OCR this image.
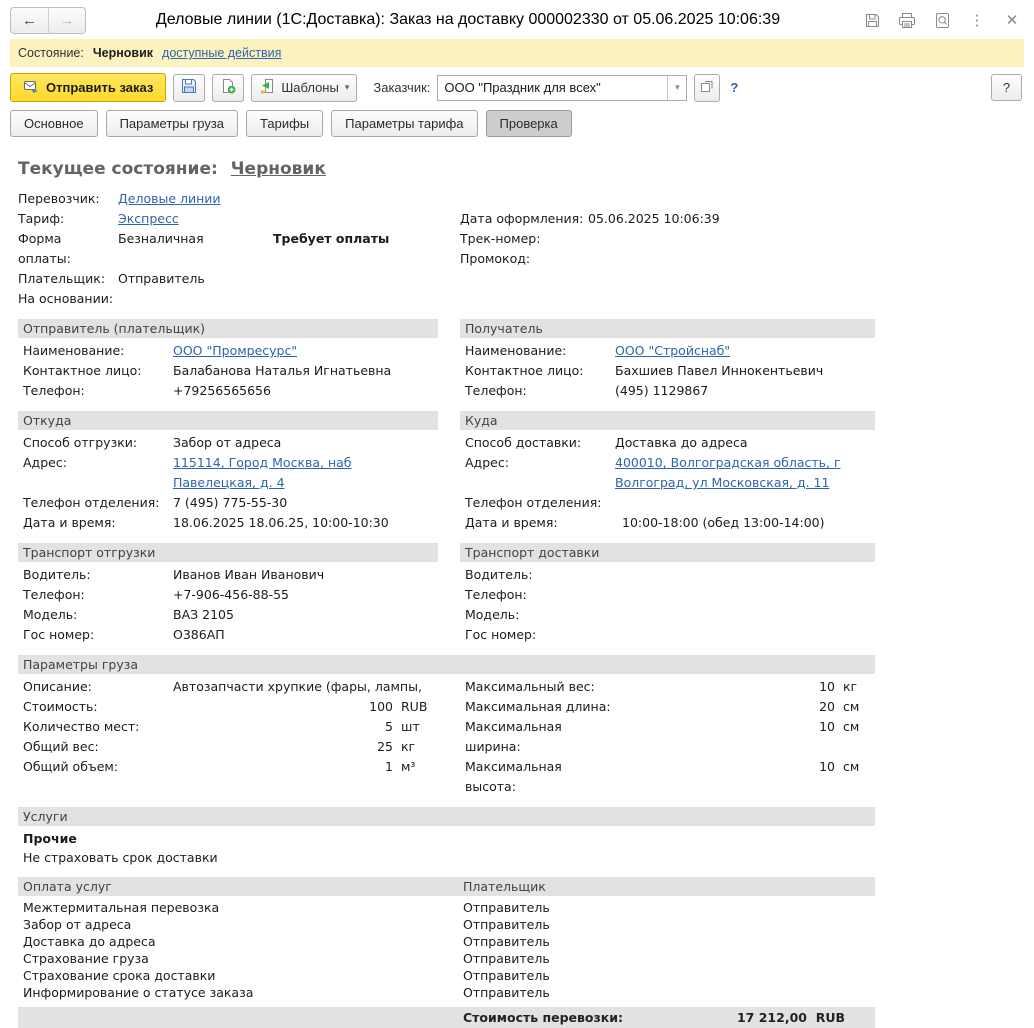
←	→	Деловые линии (1С:Доставка): Заказ на доставку 000002330 от 05.06.2025 10:06:39	⋮ ✕
Состояние: Черновик доступные действия
Отправить заказ	Шаблоны ▾ Заказчик:	ООО "Праздник для всех"	▾	?	?
Основное	Параметры груза	Тарифы	Параметры тарифа	Проверка
Текущее состояние: Черновик
Перевозчик:	Деловые линии
Тариф:	Экспресс
Форма оплаты:
Безналичная	Требует оплаты
Плательщик:	Отправитель
На основании:
Дата оформления: 05.06.2025 10:06:39
Трек-номер:
Промокод:
Отправитель (плательщик)
Наименование:	ООО "Промресурс"
Контактное лицо:	Балабанова Наталья Игнатьевна
Телефон:	+79256565656
Получатель
Наименование:	ООО "Стройснаб"
Контактное лицо:	Бахшиев Павел Иннокентьевич
Телефон:	(495) 1129867
Откуда
Способ отгрузки:	Забор от адреса
Адрес:	115114, Город Москва, наб Павелецкая, д. 4
Телефон отделения:	7 (495) 775-55-30
Дата и время:	18.06.2025 18.06.25, 10:00-10:30
Куда
Способ доставки:	Доставка до адреса
Адрес:	400010, Волгоградская область, г Волгоград, ул Московская, д. 11
Телефон отделения:
Дата и время:	10:00-18:00 (обед 13:00-14:00)
Транспорт отгрузки
Водитель:	Иванов Иван Иванович
Телефон:	+7-906-456-88-55
Модель:	ВАЗ 2105
Гос номер:	О386АП
Транспорт доставки
Водитель:
Телефон:
Модель:
Гос номер:
Параметры груза
Описание:	Автозапчасти хрупкие (фары, лампы,
Стоимость:	100 RUB
Количество мест:	5 шт
Общий вес:	25 кг
Общий объем:	1 м³
Максимальный вес:	10 кг
Максимальная длина:	20 см
Максимальная ширина:
10 см
Максимальная высота:
10 см
Услуги
Прочие
Не страховать срок доставки
Оплата услуг	Плательщик
Межтермитальная перевозка	Отправитель
Забор от адреса	Отправитель
Доставка до адреса	Отправитель
Страхование груза	Отправитель
Страхование срока доставки	Отправитель
Информирование о статусе заказа	Отправитель
Стоимость перевозки:	17 212,00 RUB
